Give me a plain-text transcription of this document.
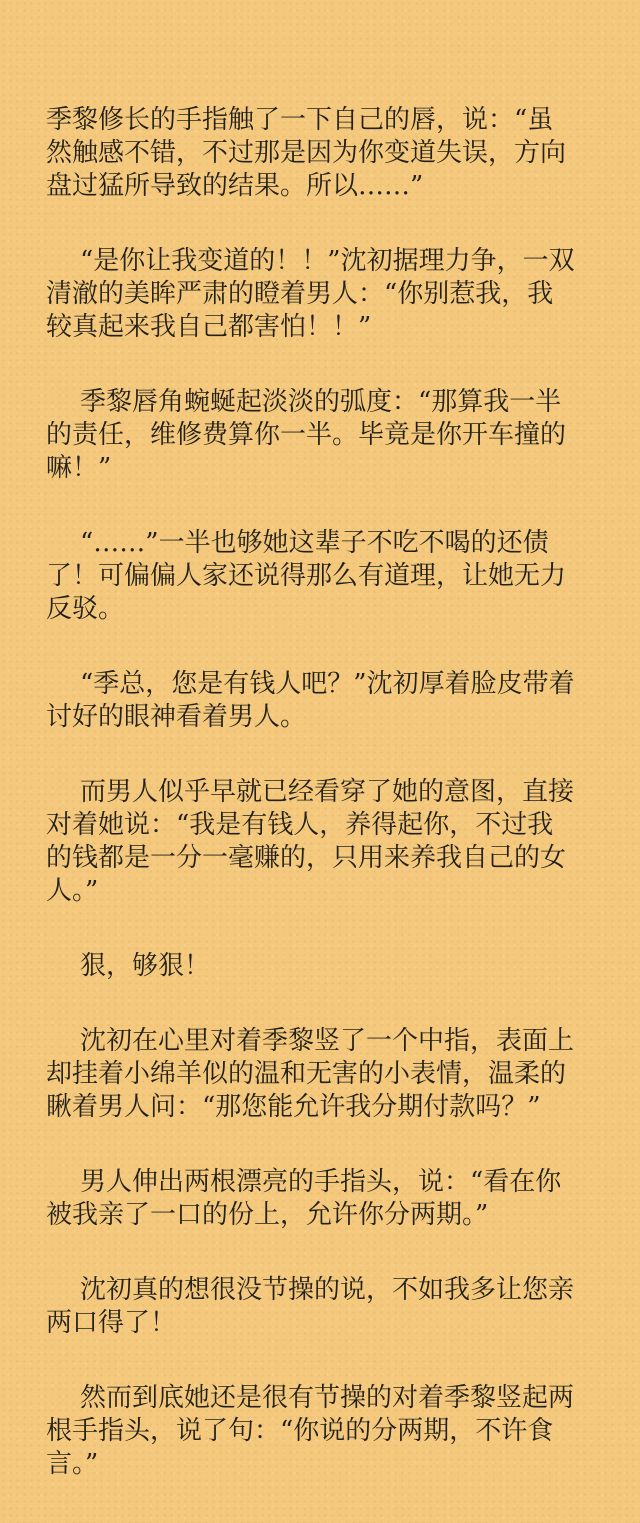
季黎修长的手指触了一下自己的唇，说：“虽
然触感不错，不过那是因为你变道失误，方向
盘过猛所导致的结果。所以……”
“是你让我变道的！！”沈初据理力争，一双
清澈的美眸严肃的瞪着男人：“你别惹我，我
较真起来我自己都害怕！！”
季黎唇角蜿蜒起淡淡的弧度：“那算我一半
的责任，维修费算你一半。毕竟是你开车撞的
嘛！”
“……”一半也够她这辈子不吃不喝的还债
了！可偏偏人家还说得那么有道理，让她无力
反驳。
“季总，您是有钱人吧？”沈初厚着脸皮带着
讨好的眼神看着男人。
而男人似乎早就已经看穿了她的意图，直接
对着她说：“我是有钱人，养得起你，不过我
的钱都是一分一毫赚的，只用来养我自己的女
人。”
狠，够狠！
沈初在心里对着季黎竖了一个中指，表面上
却挂着小绵羊似的温和无害的小表情，温柔的
瞅着男人问：“那您能允许我分期付款吗？”
男人伸出两根漂亮的手指头，说：“看在你
被我亲了一口的份上，允许你分两期。”
沈初真的想很没节操的说，不如我多让您亲
两口得了！
然而到底她还是很有节操的对着季黎竖起两
根手指头，说了句：“你说的分两期，不许食
言。”
